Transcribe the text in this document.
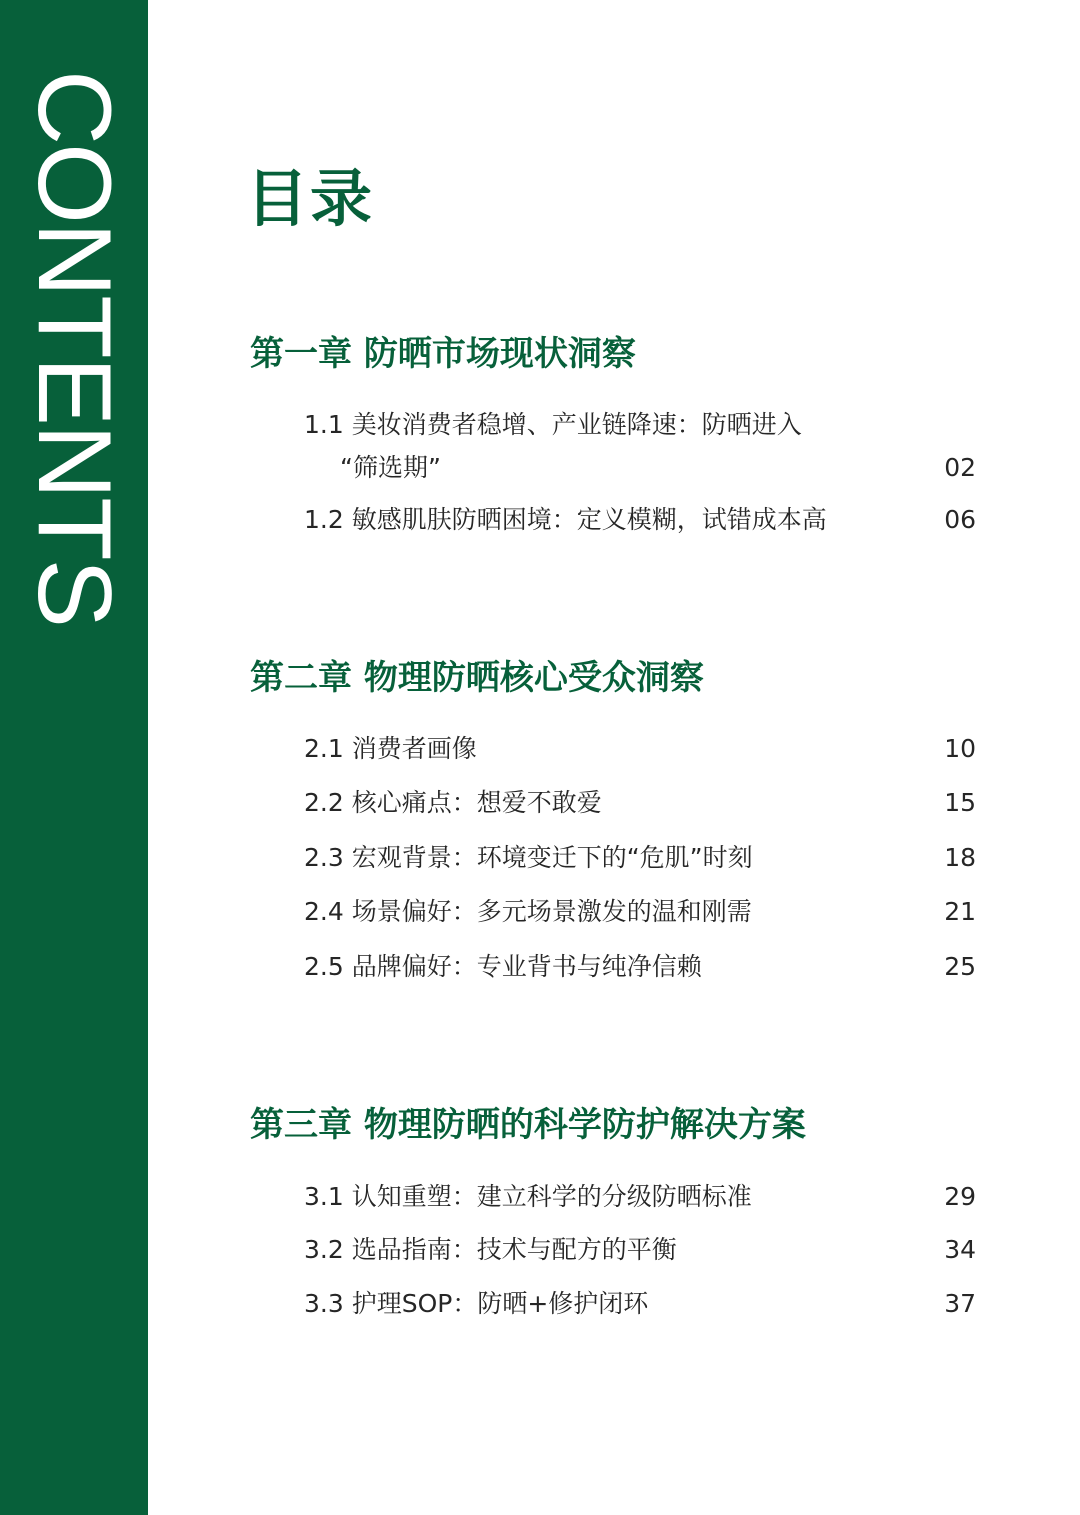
CONTENTS 目录
第一章 防晒市场现状洞察
1.1 美妆消费者稳增、产业链降速：防晒进入
“筛选期”	02
1.2 敏感肌肤防晒困境：定义模糊，试错成本高	06
第二章 物理防晒核心受众洞察
2.1 消费者画像	10
2.2 核心痛点：想爱不敢爱	15
2.3 宏观背景：环境变迁下的“危肌”时刻	18
2.4 场景偏好：多元场景激发的温和刚需	21
2.5 品牌偏好：专业背书与纯净信赖	25
第三章 物理防晒的科学防护解决方案
3.1 认知重塑：建立科学的分级防晒标准	29
3.2 选品指南：技术与配方的平衡	34
3.3 护理SOP：防晒+修护闭环	37
